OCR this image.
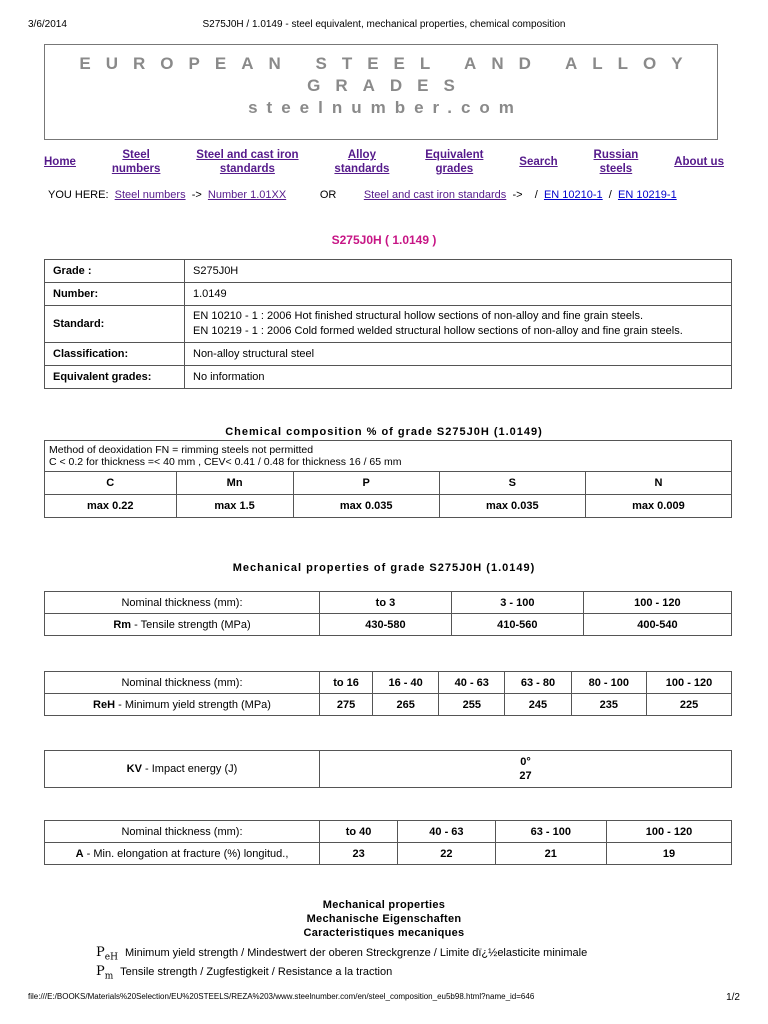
3/6/2014	S275J0H / 1.0149 - steel equivalent, mechanical properties, chemical composition
EUROPEAN STEEL AND ALLOY
GRADES
steelnumber.com
Home
Steel
numbers
Steel and cast iron
standards
Alloy
standards
Equivalent
grades
Search
Russian
steels
About us
YOU HERE: Steel numbers -> Number 1.01XX	OR	Steel and cast iron standards -> / EN 10210-1 / EN 10219-1
S275J0H ( 1.0149 )
Grade :	S275J0H
Number:	1.0149
Standard:	EN 10210 - 1 : 2006 Hot finished structural hollow sections of non-alloy and fine grain steels.
EN 10219 - 1 : 2006 Cold formed welded structural hollow sections of non-alloy and fine grain steels.
Classification:	Non-alloy structural steel
Equivalent grades:	No information
Chemical composition % of grade S275J0H (1.0149)
Method of deoxidation FN = rimming steels not permitted
C < 0.2 for thickness =< 40 mm , CEV< 0.41 / 0.48 for thickness 16 / 65 mm				
C	Mn	P	S	N
max 0.22	max 1.5	max 0.035	max 0.035	max 0.009
Mechanical properties of grade S275J0H (1.0149)
Nominal thickness (mm):	to 3	3 - 100	100 - 120
Rm - Tensile strength (MPa)	430-580	410-560	400-540
Nominal thickness (mm):	to 16	16 - 40	40 - 63	63 - 80	80 - 100	100 - 120
ReH - Minimum yield strength (MPa)	275	265	255	245	235	225
KV - Impact energy (J)	0°
27
Nominal thickness (mm):	to 40	40 - 63	63 - 100	100 - 120
A - Min. elongation at fracture (%) longitud.,	23	22	21	19
Mechanical properties
Mechanische Eigenschaften
Caracteristiques mecaniques
$P_{eH}$ Minimum yield strength / Mindestwert der oberen Streckgrenze / Limite dï¿½elasticite minimale
$P_m$ Tensile strength / Zugfestigkeit / Resistance a la traction
file:///E:/BOOKS/Materials%20Selection/EU%20STEELS/REZA%203/www.steelnumber.com/en/steel_composition_eu5b98.html?name_id=646	1/2
